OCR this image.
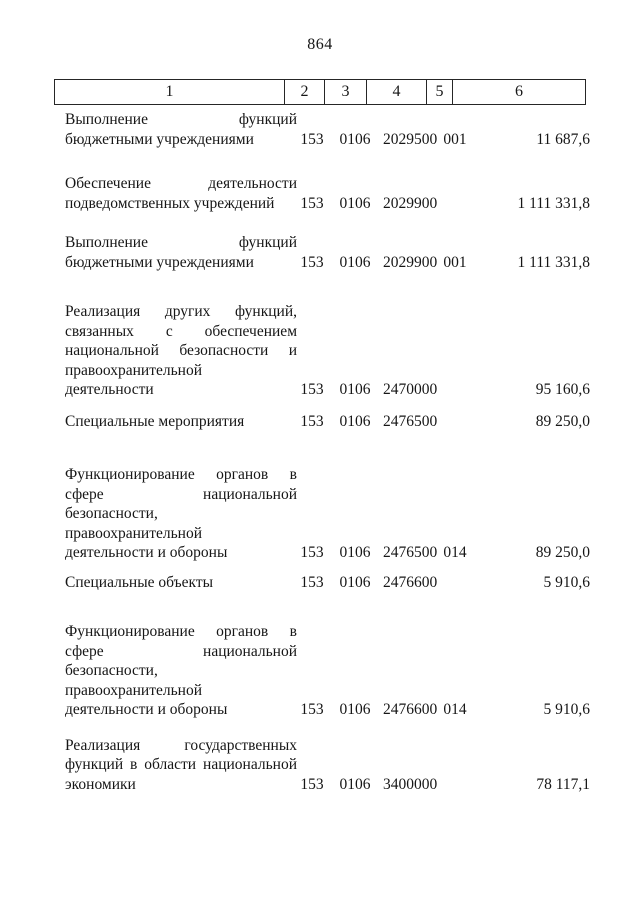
864
1	2	3	4	5	6
Выполнение функций
бюджетными учреждениями	153	0106 2029500 001	11 687,6
Обеспечение деятельности
подведомственных учреждений	153	0106 2029900	1 111 331,8
Выполнение функций
бюджетными учреждениями	153	0106 2029900 001	1 111 331,8
Реализация других функций,
связанных с обеспечением
национальной безопасности и
правоохранительной
деятельности	153	0106 2470000	95 160,6
Специальные мероприятия	153	0106 2476500	89 250,0
Функционирование органов в
сфере национальной
безопасности,
правоохранительной
деятельности и обороны	153	0106 2476500 014	89 250,0
Специальные объекты	153	0106 2476600	5 910,6
Функционирование органов в
сфере национальной
безопасности,
правоохранительной
деятельности и обороны	153	0106 2476600 014	5 910,6
Реализация государственных
функций в области национальной
экономики	153	0106 3400000	78 117,1
